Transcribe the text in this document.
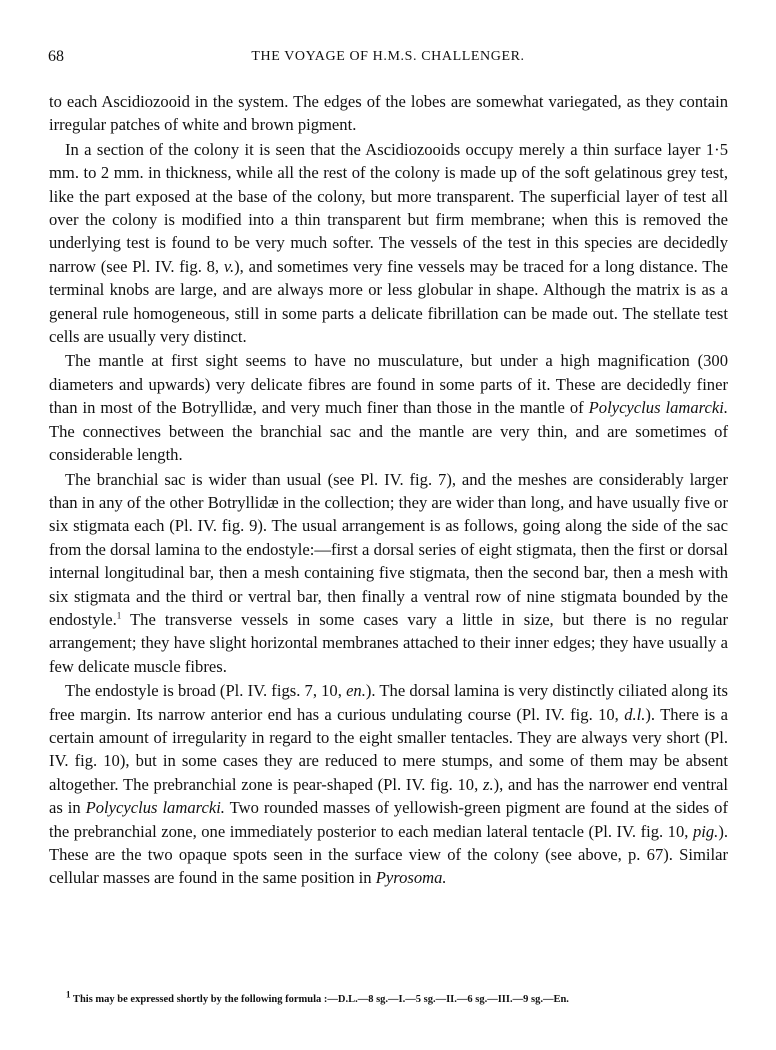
68	THE VOYAGE OF H.M.S. CHALLENGER.

to each Ascidiozooid in the system. The edges of the lobes are somewhat variegated, as they contain irregular patches of white and brown pigment.

In a section of the colony it is seen that the Ascidiozooids occupy merely a thin surface layer 1·5 mm. to 2 mm. in thickness, while all the rest of the colony is made up of the soft gelatinous grey test, like the part exposed at the base of the colony, but more transparent. The superficial layer of test all over the colony is modified into a thin transparent but firm membrane; when this is removed the underlying test is found to be very much softer. The vessels of the test in this species are decidedly narrow (see Pl. IV. fig. 8, v.), and sometimes very fine vessels may be traced for a long distance. The terminal knobs are large, and are always more or less globular in shape. Although the matrix is as a general rule homogeneous, still in some parts a delicate fibrillation can be made out. The stellate test cells are usually very distinct.

The mantle at first sight seems to have no musculature, but under a high magnification (300 diameters and upwards) very delicate fibres are found in some parts of it. These are decidedly finer than in most of the Botryllidæ, and very much finer than those in the mantle of Polycyclus lamarcki. The connectives between the branchial sac and the mantle are very thin, and are sometimes of considerable length.

The branchial sac is wider than usual (see Pl. IV. fig. 7), and the meshes are considerably larger than in any of the other Botryllidæ in the collection; they are wider than long, and have usually five or six stigmata each (Pl. IV. fig. 9). The usual arrangement is as follows, going along the side of the sac from the dorsal lamina to the endostyle:—first a dorsal series of eight stigmata, then the first or dorsal internal longitudinal bar, then a mesh containing five stigmata, then the second bar, then a mesh with six stigmata and the third or vertral bar, then finally a ventral row of nine stigmata bounded by the endostyle.$^1$ The transverse vessels in some cases vary a little in size, but there is no regular arrangement; they have slight horizontal membranes attached to their inner edges; they have usually a few delicate muscle fibres.

The endostyle is broad (Pl. IV. figs. 7, 10, en.). The dorsal lamina is very distinctly ciliated along its free margin. Its narrow anterior end has a curious undulating course (Pl. IV. fig. 10, d.l.). There is a certain amount of irregularity in regard to the eight smaller tentacles. They are always very short (Pl. IV. fig. 10), but in some cases they are reduced to mere stumps, and some of them may be absent altogether. The prebranchial zone is pear-shaped (Pl. IV. fig. 10, z.), and has the narrower end ventral as in Polycyclus lamarcki. Two rounded masses of yellowish-green pigment are found at the sides of the prebranchial zone, one immediately posterior to each median lateral tentacle (Pl. IV. fig. 10, pig.). These are the two opaque spots seen in the surface view of the colony (see above, p. 67). Similar cellular masses are found in the same position in Pyrosoma.

$^1$ This may be expressed shortly by the following formula :—D.L.—8 sg.—I.—5 sg.—II.—6 sg.—III.—9 sg.—En.
